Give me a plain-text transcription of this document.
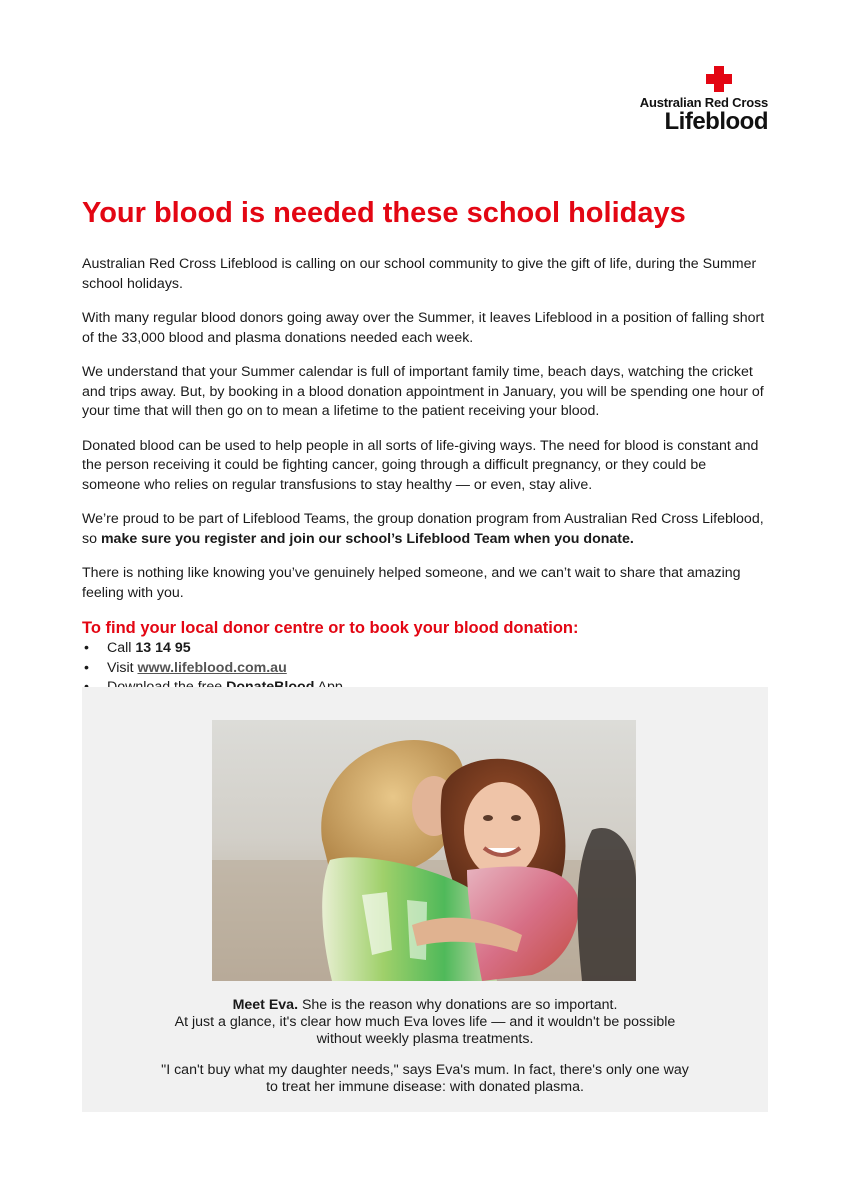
Australian Red Cross
Lifeblood
Your blood is needed these school holidays

Australian Red Cross Lifeblood is calling on our school community to give the gift of life, during the Summer school holidays.

With many regular blood donors going away over the Summer, it leaves Lifeblood in a position of falling short of the 33,000 blood and plasma donations needed each week.

We understand that your Summer calendar is full of important family time, beach days, watching the cricket and trips away. But, by booking in a blood donation appointment in January, you will be spending one hour of your time that will then go on to mean a lifetime to the patient receiving your blood.

Donated blood can be used to help people in all sorts of life-giving ways. The need for blood is constant and the person receiving it could be fighting cancer, going through a difficult pregnancy, or they could be someone who relies on regular transfusions to stay healthy — or even, stay alive.

We’re proud to be part of Lifeblood Teams, the group donation program from Australian Red Cross Lifeblood, so make sure you register and join our school’s Lifeblood Team when you donate.

There is nothing like knowing you’ve genuinely helped someone, and we can’t wait to share that amazing feeling with you.

To find your local donor centre or to book your blood donation:
• Call 13 14 95
• Visit www.lifeblood.com.au
•
Meet Eva. She is the reason why donations are so important.
At just a glance, it's clear how much Eva loves life — and it wouldn't be possible
without weekly plasma treatments.
"I can't buy what my daughter needs," says Eva's mum. In fact, there's only one way
to treat her immune disease: with donated plasma.
